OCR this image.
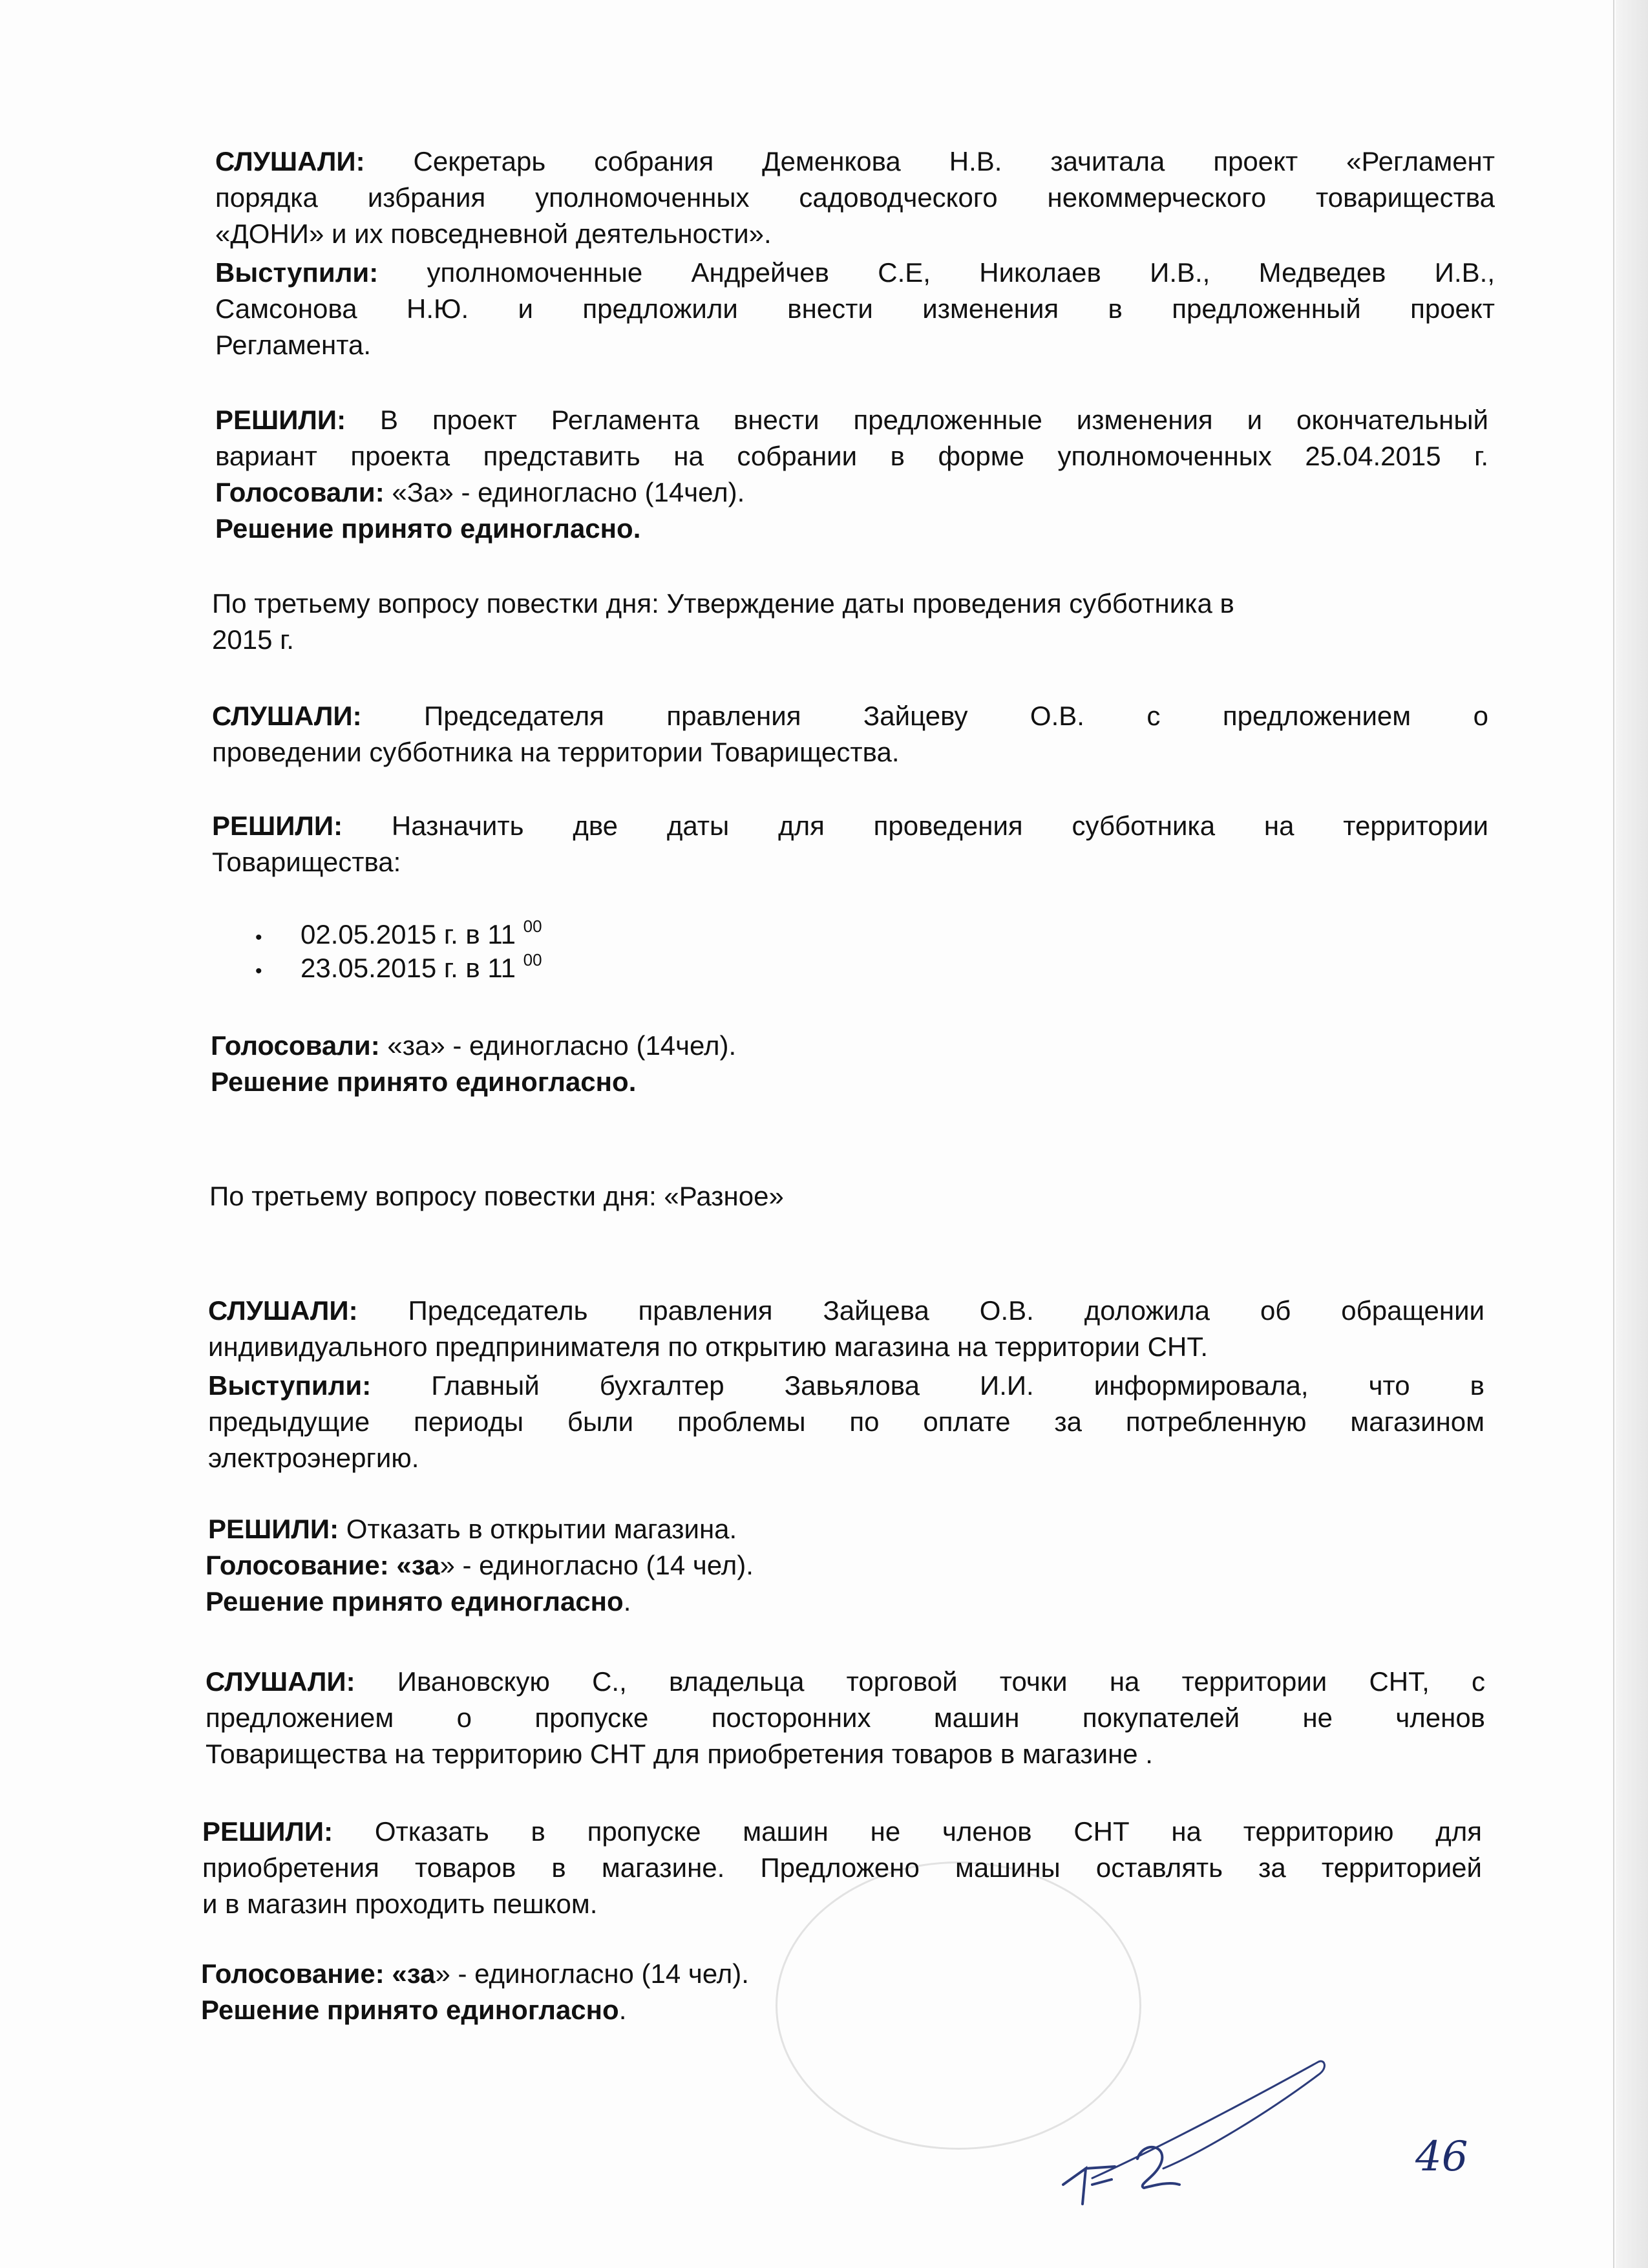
СЛУШАЛИ: Секретарь собрания Деменкова Н.В. зачитала проект «Регламент
порядка избрания уполномоченных садоводческого некоммерческого товарищества
«ДОНИ» и их повседневной деятельности».
Выступили: уполномоченные Андрейчев С.Е, Николаев И.В., Медведев И.В.,
Самсонова Н.Ю. и предложили внести изменения в предложенный проект
Регламента.
РЕШИЛИ: В проект Регламента внести предложенные изменения и окончательный
вариант проекта представить на собрании в форме уполномоченных 25.04.2015 г.
Голосовали: «За» - единогласно (14чел).
Решение принято единогласно.
По третьему вопросу повестки дня: Утверждение даты проведения субботника в
2015 г.
СЛУШАЛИ: Председателя правления Зайцеву О.В. с предложением о
проведении субботника на территории Товарищества.
РЕШИЛИ: Назначить две даты для проведения субботника на территории
Товарищества:
• 02.05.2015 г. в 11 $^{00}$
• 23.05.2015 г. в 11 $^{00}$
Голосовали: «за» - единогласно (14чел).
Решение принято единогласно.
По третьему вопросу повестки дня: «Разное»
СЛУШАЛИ: Председатель правления Зайцева О.В. доложила об обращении
индивидуального предпринимателя по открытию магазина на территории СНТ.
Выступили: Главный бухгалтер Завьялова И.И. информировала, что в
предыдущие периоды были проблемы по оплате за потребленную магазином
электроэнергию.
РЕШИЛИ: Отказать в открытии магазина.
Голосование: «за» - единогласно (14 чел).
Решение принято единогласно.
СЛУШАЛИ: Ивановскую С., владельца торговой точки на территории СНТ, с
предложением о пропуске посторонних машин покупателей не членов
Товарищества на территорию СНТ для приобретения товаров в магазине .
РЕШИЛИ: Отказать в пропуске машин не членов СНТ на территорию для
приобретения товаров в магазине. Предложено машины оставлять за территорией
и в магазин проходить пешком.
Голосование: «за» - единогласно (14 чел).
Решение принято единогласно.
46
